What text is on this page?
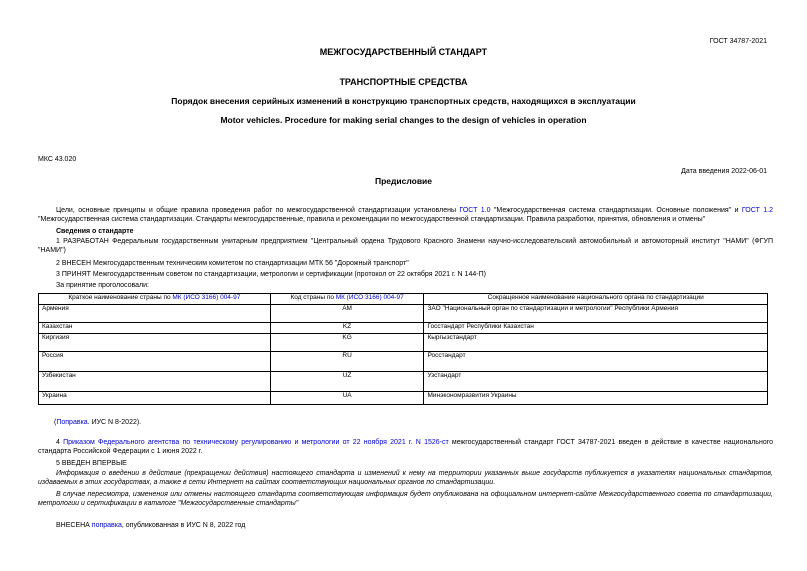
ГОСТ 34787-2021
МЕЖГОСУДАРСТВЕННЫЙ СТАНДАРТ
ТРАНСПОРТНЫЕ СРЕДСТВА
Порядок внесения серийных изменений в конструкцию транспортных средств, находящихся в эксплуатации
Motor vehicles. Procedure for making serial changes to the design of vehicles in operation
МКС 43.020
Дата введения 2022-06-01
Предисловие
Цели, основные принципы и общие правила проведения работ по межгосударственной стандартизации установлены ГОСТ 1.0 "Межгосударственная система стандартизации. Основные положения" и ГОСТ 1.2 "Межгосударственная система стандартизации. Стандарты межгосударственные, правила и рекомендации по межгосударственной стандартизации. Правила разработки, принятия, обновления и отмены"
Сведения о стандарте
1 РАЗРАБОТАН Федеральным государственным унитарным предприятием "Центральный ордена Трудового Красного Знамени научно-исследовательский автомобильный и автомоторный институт "НАМИ" (ФГУП "НАМИ")
2 ВНЕСЕН Межгосударственным техническим комитетом по стандартизации МТК 56 "Дорожный транспорт"
3 ПРИНЯТ Межгосударственным советом по стандартизации, метрологии и сертификации (протокол от 22 октября 2021 г. N 144-П)
За принятие проголосовали:
Краткое наименование страны по МК (ИСО 3166) 004-97	Код страны по МК (ИСО 3166) 004-97	Сокращенное наименование национального органа по стандартизации
Армения	AM	ЗАО "Национальный орган по стандартизации и метрологии" Республики Армения
Казахстан	KZ	Госстандарт Республики Казахстан
Киргизия	KG	Кыргызстандарт
Россия	RU	Росстандарт
Узбекистан	UZ	Узстандарт
Украина	UA	Минэкономразвития Украины
(Поправка. ИУС N 8-2022).
4 Приказом Федерального агентства по техническому регулированию и метрологии от 22 ноября 2021 г. N 1526-ст межгосударственный стандарт ГОСТ 34787-2021 введен в действие в качестве национального стандарта Российской Федерации с 1 июня 2022 г.
5 ВВЕДЕН ВПЕРВЫЕ
Информация о введении в действие (прекращении действия) настоящего стандарта и изменений к нему на территории указанных выше государств публикуется в указателях национальных стандартов, издаваемых в этих государствах, а также в сети Интернет на сайтах соответствующих национальных органов по стандартизации.
В случае пересмотра, изменения или отмены настоящего стандарта соответствующая информация будет опубликована на официальном интернет-сайте Межгосударственного совета по стандартизации, метрологии и сертификации в каталоге "Межгосударственные стандарты"
ВНЕСЕНА поправка, опубликованная в ИУС N 8, 2022 год
